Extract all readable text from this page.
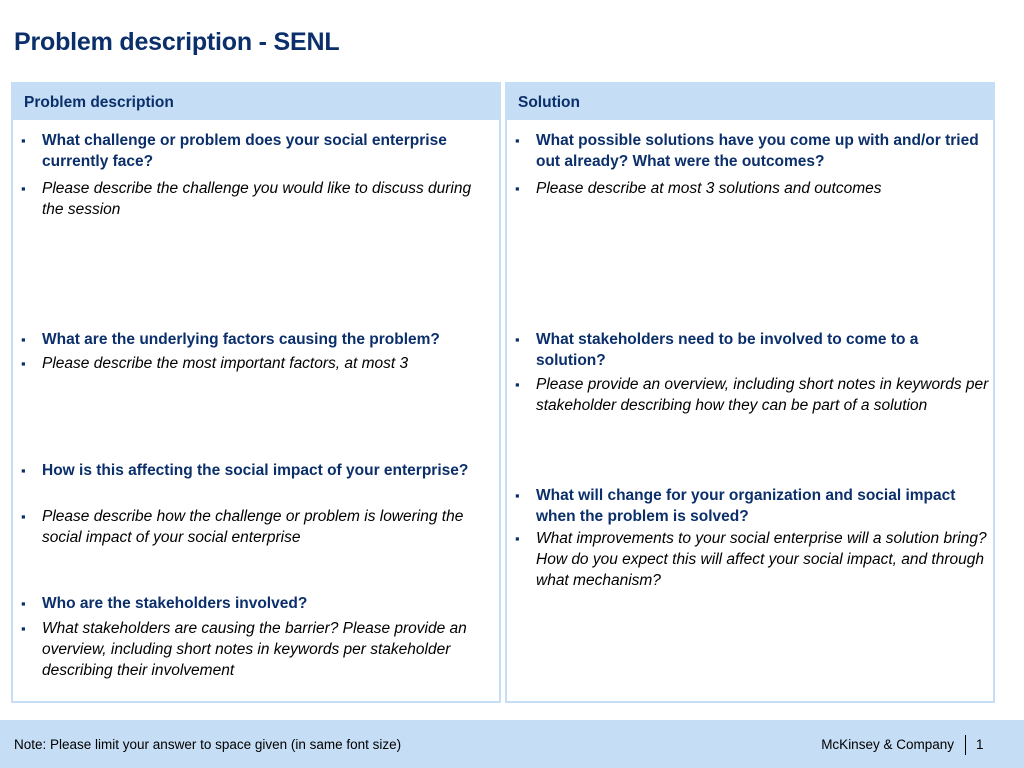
Problem description - SENL
Problem description
▪ What challenge or problem does your social enterprise currently face?
▪ Please describe the challenge you would like to discuss during the session
▪ What are the underlying factors causing the problem?
▪ Please describe the most important factors, at most 3
▪ How is this affecting the social impact of your enterprise?
▪ Please describe how the challenge or problem is lowering the social impact of your social enterprise
▪ Who are the stakeholders involved?
▪ What stakeholders are causing the barrier? Please provide an overview, including short notes in keywords per stakeholder describing their involvement
Solution
▪ What possible solutions have you come up with and/or tried out already? What were the outcomes?
▪ Please describe at most 3 solutions and outcomes
▪ What stakeholders need to be involved to come to a solution?
▪ Please provide an overview, including short notes in keywords per stakeholder describing how they can be part of a solution
▪ What will change for your organization and social impact when the problem is solved?
▪ What improvements to your social enterprise will a solution bring? How do you expect this will affect your social impact, and through what mechanism?
Note: Please limit your answer to space given (in same font size)	McKinsey & Company 1
